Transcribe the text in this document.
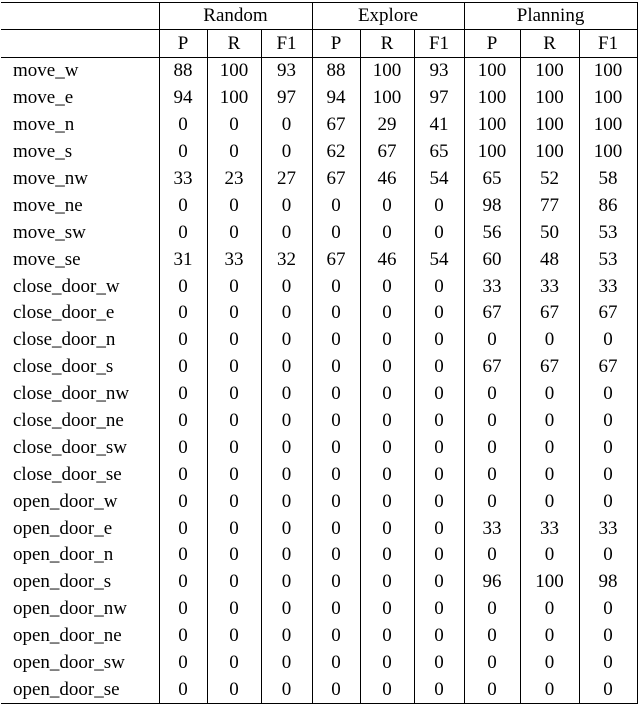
	Random			Explore			Planning		
	P	R	F1	P	R	F1	P	R	F1
move_w	88	100	93	88	100	93	100	100	100
move_e	94	100	97	94	100	97	100	100	100
move_n	0	0	0	67	29	41	100	100	100
move_s	0	0	0	62	67	65	100	100	100
move_nw	33	23	27	67	46	54	65	52	58
move_ne	0	0	0	0	0	0	98	77	86
move_sw	0	0	0	0	0	0	56	50	53
move_se	31	33	32	67	46	54	60	48	53
close_door_w	0	0	0	0	0	0	33	33	33
close_door_e	0	0	0	0	0	0	67	67	67
close_door_n	0	0	0	0	0	0	0	0	0
close_door_s	0	0	0	0	0	0	67	67	67
close_door_nw	0	0	0	0	0	0	0	0	0
close_door_ne	0	0	0	0	0	0	0	0	0
close_door_sw	0	0	0	0	0	0	0	0	0
close_door_se	0	0	0	0	0	0	0	0	0
open_door_w	0	0	0	0	0	0	0	0	0
open_door_e	0	0	0	0	0	0	33	33	33
open_door_n	0	0	0	0	0	0	0	0	0
open_door_s	0	0	0	0	0	0	96	100	98
open_door_nw	0	0	0	0	0	0	0	0	0
open_door_ne	0	0	0	0	0	0	0	0	0
open_door_sw	0	0	0	0	0	0	0	0	0
open_door_se	0	0	0	0	0	0	0	0	0
